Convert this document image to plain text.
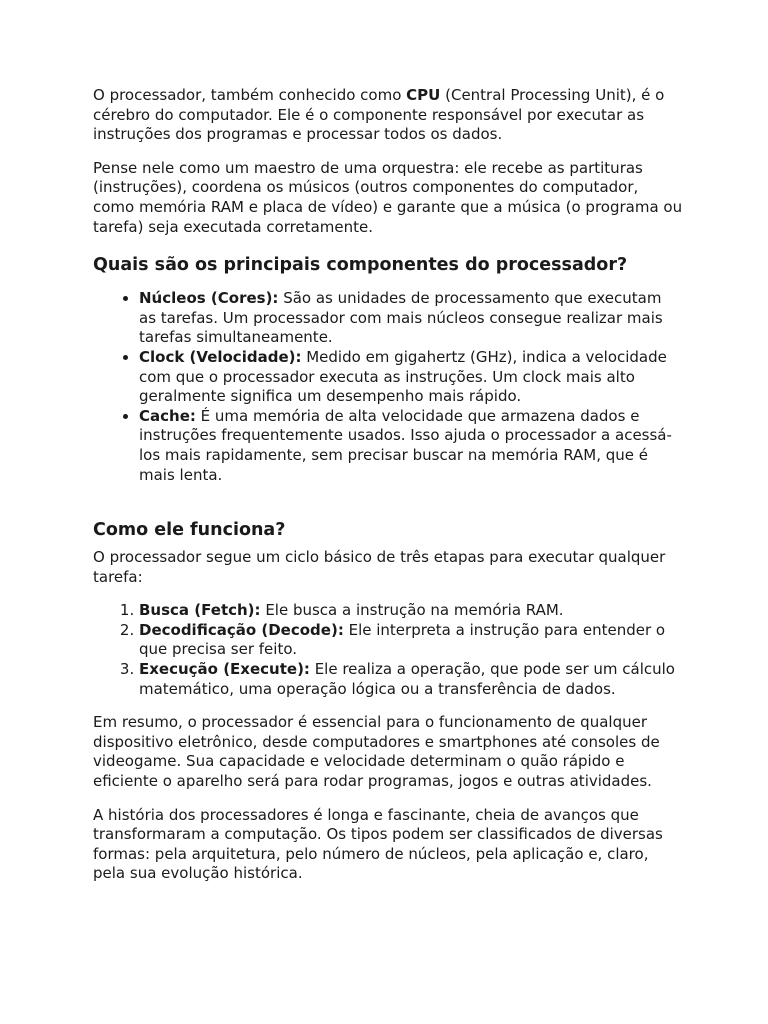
O processador, também conhecido como CPU (Central Processing Unit), é o cérebro do computador. Ele é o componente responsável por executar as instruções dos programas e processar todos os dados.

Pense nele como um maestro de uma orquestra: ele recebe as partituras (instruções), coordena os músicos (outros componentes do computador, como memória RAM e placa de vídeo) e garante que a música (o programa ou tarefa) seja executada corretamente.

Quais são os principais componentes do processador?
• Núcleos (Cores): São as unidades de processamento que executam as tarefas. Um processador com mais núcleos consegue realizar mais tarefas simultaneamente.
• Clock (Velocidade): Medido em gigahertz (GHz), indica a velocidade com que o processador executa as instruções. Um clock mais alto geralmente significa um desempenho mais rápido.
• Cache: É uma memória de alta velocidade que armazena dados e instruções frequentemente usados. Isso ajuda o processador a acessá-los mais rapidamente, sem precisar buscar na memória RAM, que é mais lenta.
Como ele funciona?

O processador segue um ciclo básico de três etapas para executar qualquer tarefa:

1. Busca (Fetch): Ele busca a instrução na memória RAM.
2. Decodificação (Decode): Ele interpreta a instrução para entender o que precisa ser feito.
3. Execução (Execute): Ele realiza a operação, que pode ser um cálculo matemático, uma operação lógica ou a transferência de dados.

Em resumo, o processador é essencial para o funcionamento de qualquer dispositivo eletrônico, desde computadores e smartphones até consoles de videogame. Sua capacidade e velocidade determinam o quão rápido e eficiente o aparelho será para rodar programas, jogos e outras atividades.

A história dos processadores é longa e fascinante, cheia de avanços que transformaram a computação. Os tipos podem ser classificados de diversas formas: pela arquitetura, pelo número de núcleos, pela aplicação e, claro, pela sua evolução histórica.
